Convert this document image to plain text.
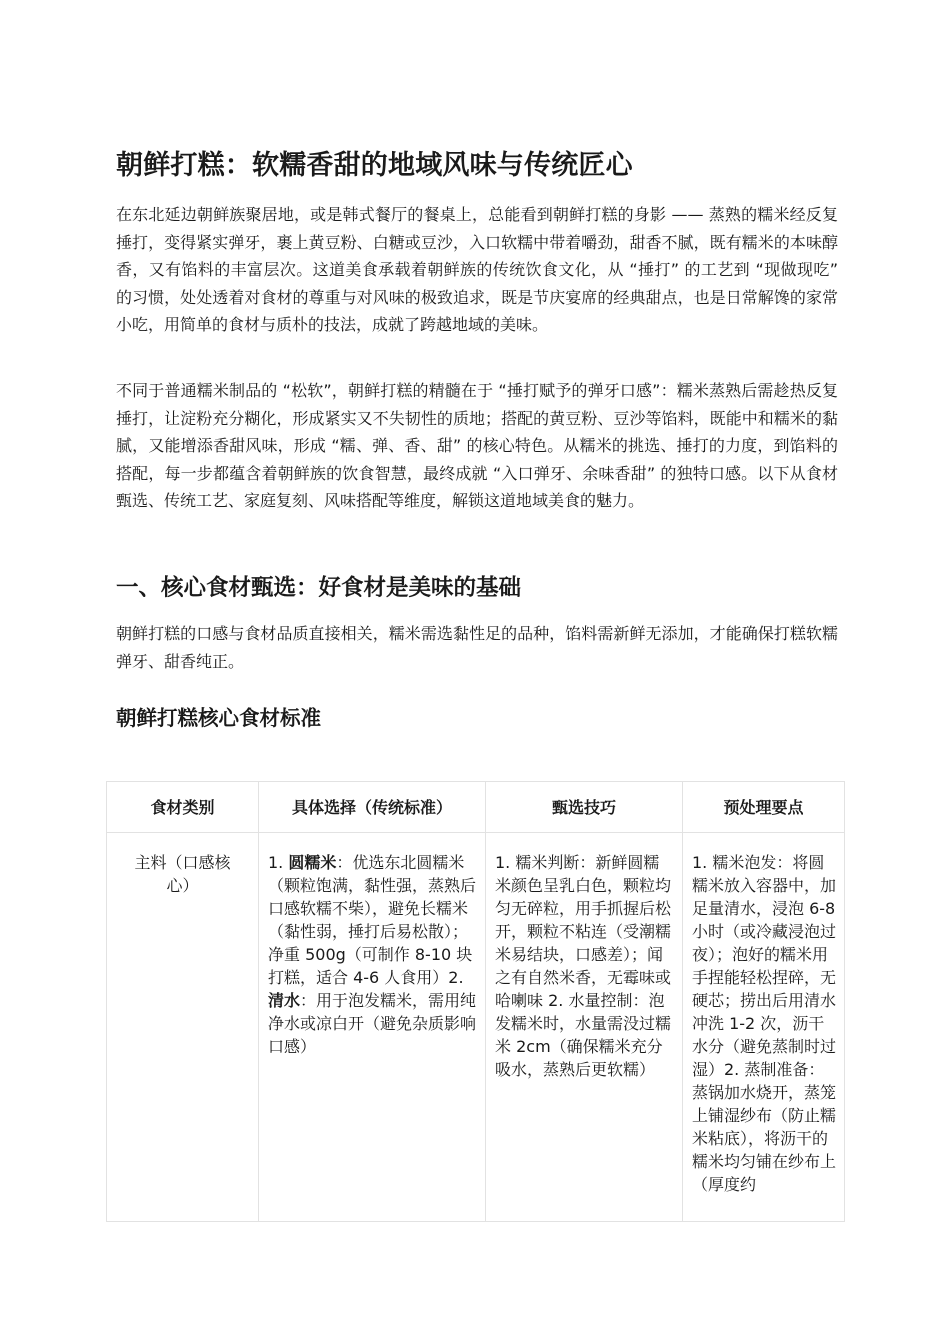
朝鲜打糕：软糯香甜的地域风味与传统匠心

在东北延边朝鲜族聚居地，或是韩式餐厅的餐桌上，总能看到朝鲜打糕的身影 —— 蒸熟的糯米经反复捶打，变得紧实弹牙，裹上黄豆粉、白糖或豆沙，入口软糯中带着嚼劲，甜香不腻，既有糯米的本味醇香，又有馅料的丰富层次。这道美食承载着朝鲜族的传统饮食文化，从 “捶打” 的工艺到 “现做现吃” 的习惯，处处透着对食材的尊重与对风味的极致追求，既是节庆宴席的经典甜点，也是日常解馋的家常小吃，用简单的食材与质朴的技法，成就了跨越地域的美味。

不同于普通糯米制品的 “松软”，朝鲜打糕的精髓在于 “捶打赋予的弹牙口感”：糯米蒸熟后需趁热反复捶打，让淀粉充分糊化，形成紧实又不失韧性的质地；搭配的黄豆粉、豆沙等馅料，既能中和糯米的黏腻，又能增添香甜风味，形成 “糯、弹、香、甜” 的核心特色。从糯米的挑选、捶打的力度，到馅料的搭配，每一步都蕴含着朝鲜族的饮食智慧，最终成就 “入口弹牙、余味香甜” 的独特口感。以下从食材甄选、传统工艺、家庭复刻、风味搭配等维度，解锁这道地域美食的魅力。

一、核心食材甄选：好食材是美味的基础

朝鲜打糕的口感与食材品质直接相关，糯米需选黏性足的品种，馅料需新鲜无添加，才能确保打糕软糯弹牙、甜香纯正。

朝鲜打糕核心食材标准
食材类别	具体选择（传统标准）	甄选技巧	预处理要点

主料（口感核心）	1. 圆糯米：优选东北圆糯米（颗粒饱满，黏性强，蒸熟后口感软糯不柴），避免长糯米（黏性弱，捶打后易松散）；净重 500g（可制作 8-10 块打糕，适合 4-6 人食用）2. 清水：用于泡发糯米，需用纯净水或凉白开（避免杂质影响口感）	1. 糯米判断：新鲜圆糯米颜色呈乳白色，颗粒均匀无碎粒，用手抓握后松开，颗粒不粘连（受潮糯米易结块，口感差）；闻之有自然米香，无霉味或哈喇味 2. 水量控制：泡发糯米时，水量需没过糯米 2cm（确保糯米充分吸水，蒸熟后更软糯）	1. 糯米泡发：将圆糯米放入容器中，加足量清水，浸泡 6-8 小时（或冷藏浸泡过夜）；泡好的糯米用手捏能轻松捏碎，无硬芯；捞出后用清水冲洗 1-2 次，沥干水分（避免蒸制时过湿）2. 蒸制准备：蒸锅加水烧开，蒸笼上铺湿纱布（防止糯米粘底），将沥干的糯米均匀铺在纱布上（厚度约
